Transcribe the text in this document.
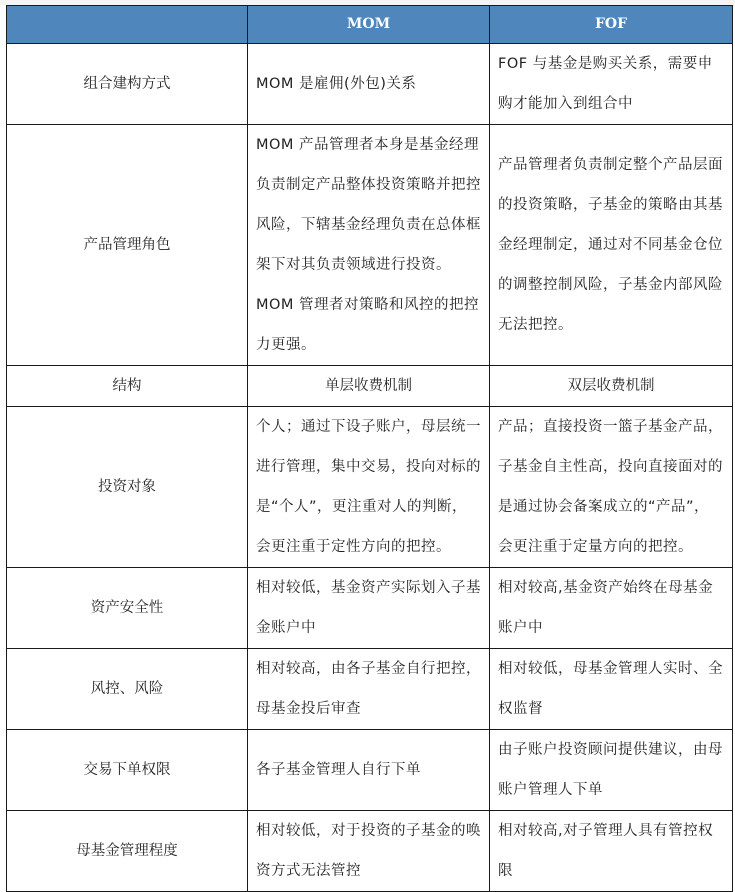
	MOM	FOF
组合建构方式	MOM 是雇佣(外包)关系	FOF 与基金是购买关系，需要申购才能加入到组合中
产品管理角色	MOM 产品管理者本身是基金经理负责制定产品整体投资策略并把控风险，下辖基金经理负责在总体框架下对其负责领域进行投资。MOM 管理者对策略和风控的把控力更强。	产品管理者负责制定整个产品层面的投资策略，子基金的策略由其基金经理制定，通过对不同基金仓位的调整控制风险，子基金内部风险无法把控。
结构	单层收费机制	双层收费机制
投资对象	个人；通过下设子账户，母层统一进行管理，集中交易，投向对标的是“个人”，更注重对人的判断，会更注重于定性方向的把控。	产品；直接投资一篮子基金产品，子基金自主性高，投向直接面对的是通过协会备案成立的“产品”，会更注重于定量方向的把控。
资产安全性	相对较低，基金资产实际划入子基金账户中	相对较高,基金资产始终在母基金账户中
风控、风险	相对较高，由各子基金自行把控，母基金投后审查	相对较低，母基金管理人实时、全权监督
交易下单权限	各子基金管理人自行下单	由子账户投资顾问提供建议，由母账户管理人下单
母基金管理程度	相对较低，对于投资的子基金的唤资方式无法管控	相对较高,对子管理人具有管控权限
